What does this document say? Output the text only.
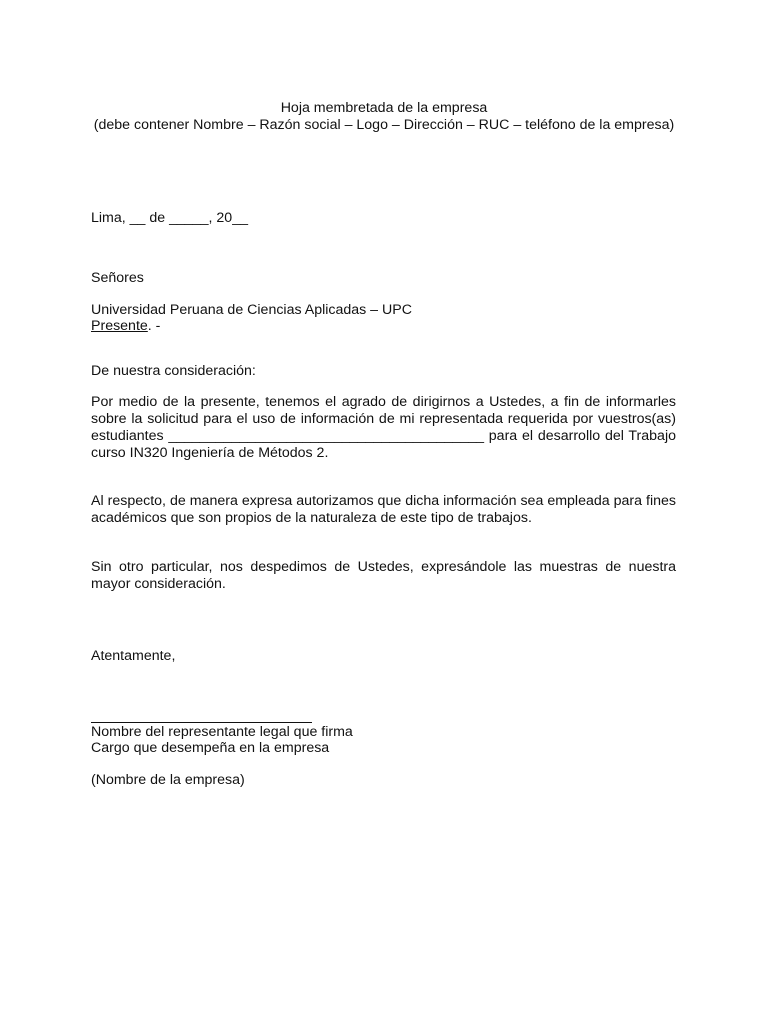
Hoja membretada de la empresa
(debe contener Nombre – Razón social – Logo – Dirección – RUC – teléfono de la empresa)
Lima, __ de _____, 20__
Señores
Universidad Peruana de Ciencias Aplicadas – UPC
Presente. -
De nuestra consideración:
Por medio de la presente, tenemos el agrado de dirigirnos a Ustedes, a fin de informarles
sobre la solicitud para el uso de información de mi representada requerida por vuestros(as)
estudiantes ________________________________________ para el desarrollo del Trabajo
curso IN320 Ingeniería de Métodos 2.
Al respecto, de manera expresa autorizamos que dicha información sea empleada para fines
académicos que son propios de la naturaleza de este tipo de trabajos.
Sin otro particular, nos despedimos de Ustedes, expresándole las muestras de nuestra
mayor consideración.
Atentamente,
Nombre del representante legal que firma
Cargo que desempeña en la empresa
(Nombre de la empresa)
